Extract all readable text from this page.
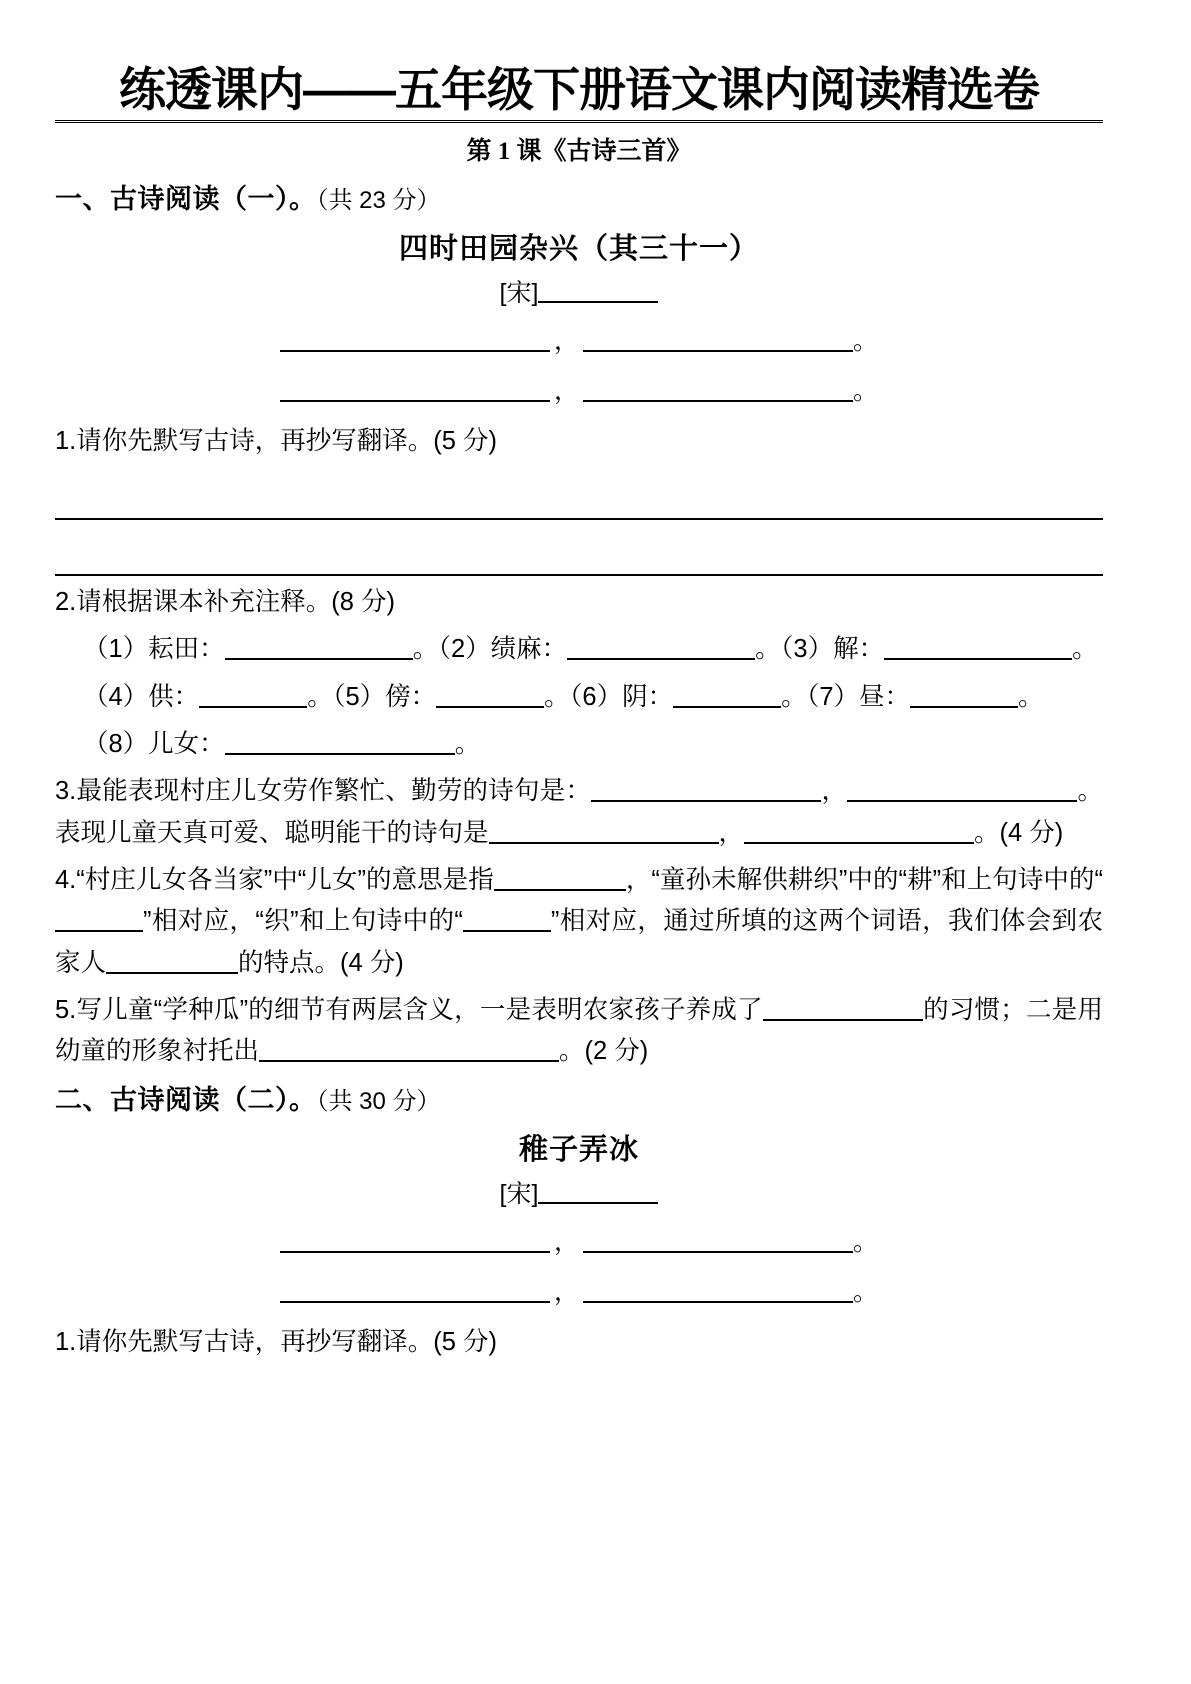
练透课内——五年级下册语文课内阅读精选卷
第 1 课《古诗三首》
一、古诗阅读（一）。（共 23 分）
四时田园杂兴（其三十一）
[宋]
，	。
，	。
1.请你先默写古诗，再抄写翻译。(5 分)
2.请根据课本补充注释。(8 分)
（1）耘田：	。（2）绩麻：	。（3）解：	。
（4）供：	。（5）傍：	。（6）阴：	。（7）昼：	。
（8）儿女：	。
3.最能表现村庄儿女劳作繁忙、勤劳的诗句是：	，	。表现儿童天真可爱、聪明能干的诗句是	，	。(4 分)
4.“村庄儿女各当家”中“儿女”的意思是指	，“童孙未解供耕织”中的“耕”和上句诗中的“”相对应，“织”和上句诗中的“	”相对应，通过所填的这两个词语，我们体会到农家人	的特点。(4 分)
5.写儿童“学种瓜”的细节有两层含义，一是表明农家孩子养成了	的习惯；二是用幼童的形象衬托出	。(2 分)
二、古诗阅读（二）。（共 30 分）
稚子弄冰
[宋]
，	。
，	。
1.请你先默写古诗，再抄写翻译。(5 分)
